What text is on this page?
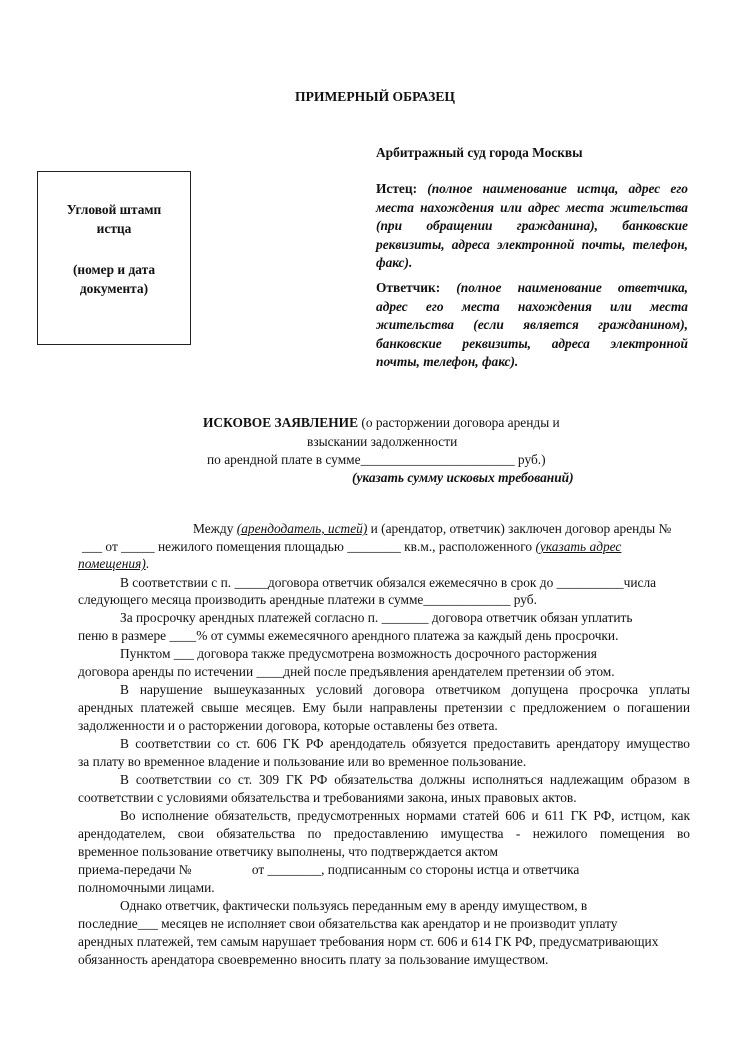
ПРИМЕРНЫЙ ОБРАЗЕЦ
Угловой штамп
истца
(номер и дата
документа)
Арбитражный суд города Москвы
Истец: (полное наименование истца, адрес его
места нахождения или адрес места жительства
(при обращении гражданина), банковские
реквизиты, адреса электронной почты, телефон,
факс).
Ответчик: (полное наименование ответчика,
адрес его места нахождения или места
жительства (если является гражданином),
банковские реквизиты, адреса электронной
почты, телефон, факс).
ИСКОВОЕ ЗАЯВЛЕНИЕ (о расторжении договора аренды и
взыскании задолженности
по арендной плате в сумме_______________________ руб.)
(указать сумму исковых требований)
Между (арендодатель, истей) и (арендатор, ответчик) заключен договор аренды №
___ от _____ нежилого помещения площадью ________ кв.м., расположенного (указать адрес
помещения).
В соответствии с п. _____договора ответчик обязался ежемесячно в срок до __________числа
следующего месяца производить арендные платежи в сумме_____________ руб.
За просрочку арендных платежей согласно п. _______ договора ответчик обязан уплатить
пеню в размере ____% от суммы ежемесячного арендного платежа за каждый день просрочки.
Пунктом ___ договора также предусмотрена возможность досрочного расторжения
договора аренды по истечении ____дней после предъявления арендателем претензии об этом.
В нарушение вышеуказанных условий договора ответчиком допущена просрочка уплаты
арендных платежей свыше месяцев. Ему были направлены претензии с предложением о погашении
задолженности и о расторжении договора, которые оставлены без ответа.
В соответствии со ст. 606 ГК РФ арендодатель обязуется предоставить арендатору имущество
за плату во временное владение и пользование или во временное пользование.
В соответствии со ст. 309 ГК РФ обязательства должны исполняться надлежащим образом в
соответствии с условиями обязательства и требованиями закона, иных правовых актов.
Во исполнение обязательств, предусмотренных нормами статей 606 и 611 ГК РФ, истцом, как
арендодателем, свои обязательства по предоставлению имущества - нежилого помещения во
временное пользование ответчику выполнены, что подтверждается актом
приема-передачи №                  от ________, подписанным со стороны истца и ответчика
полномочными лицами.
Однако ответчик, фактически пользуясь переданным ему в аренду имуществом, в
последние___ месяцев не исполняет свои обязательства как арендатор и не производит уплату
арендных платежей, тем самым нарушает требования норм ст. 606 и 614 ГК РФ, предусматривающих
обязанность арендатора своевременно вносить плату за пользование имуществом.
